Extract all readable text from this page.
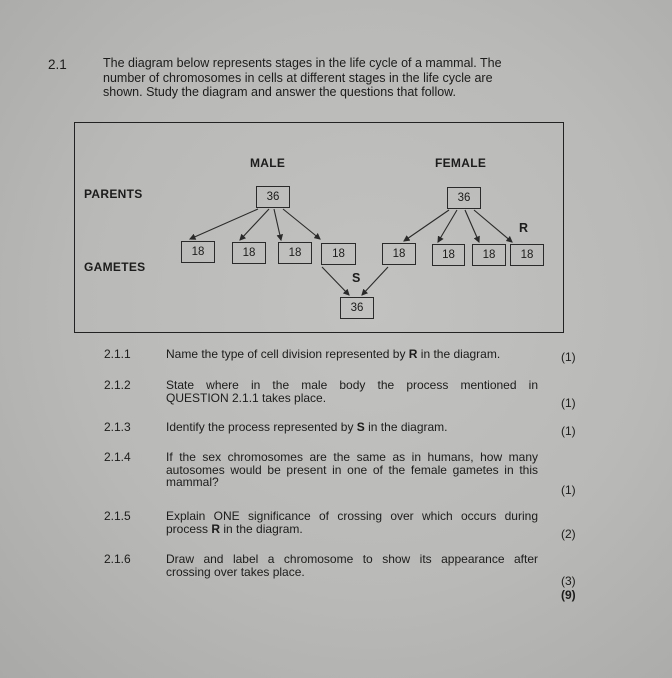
2.1	The diagram below represents stages in the life cycle of a mammal. The
number of chromosomes in cells at different stages in the life cycle are
shown. Study the diagram and answer the questions that follow.
PARENTS
GAMETES
MALE	FEMALE
36	36
18	18	18	18	18	18	18	18
R
S
36
2.1.1	Name the type of cell division represented by R in the diagram.	(1)
2.1.2	State where in the male body the process mentioned in
QUESTION 2.1.1 takes place.	(1)
2.1.3	Identify the process represented by S in the diagram.	(1)
2.1.4	If the sex chromosomes are the same as in humans, how many
autosomes would be present in one of the female gametes in this
mammal?
(1)
2.1.5	Explain ONE significance of crossing over which occurs during
process R in the diagram.	(2)
2.1.6	Draw and label a chromosome to show its appearance after
crossing over takes place.
(3)
(9)
